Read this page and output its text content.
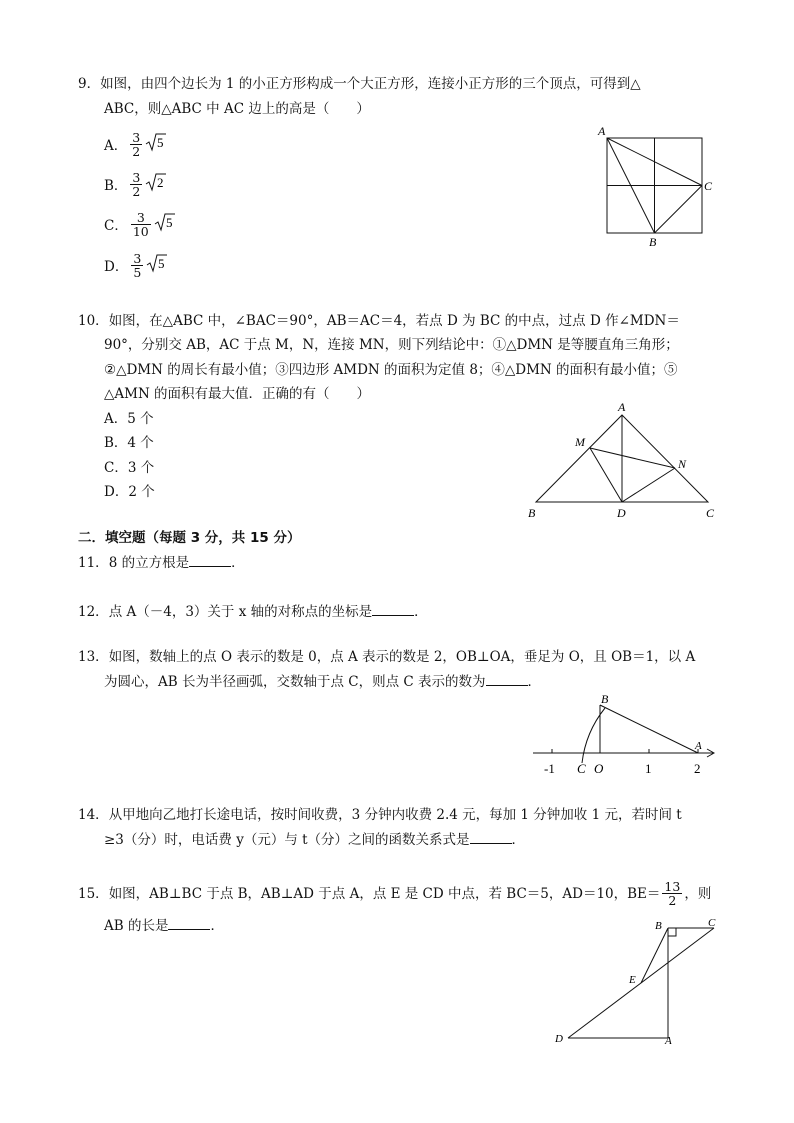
9．如图，由四个边长为 1 的小正方形构成一个大正方形，连接小正方形的三个顶点，可得到△
ABC，则△ABC 中 AC 边上的高是（　　）
A． $\frac{3}{2} 5$
B． $\frac{3}{2} 2$
C． $\frac{3}{10} 5$
D． $\frac{3}{5} 5$
A
C
B
10．如图，在△ABC 中，∠BAC＝90°，AB＝AC＝4，若点 D 为 BC 的中点，过点 D 作∠MDN＝
90°，分别交 AB，AC 于点 M，N，连接 MN，则下列结论中：①△DMN 是等腰直角三角形；
②△DMN 的周长有最小值；③四边形 AMDN 的面积为定值 8；④△DMN 的面积有最小值；⑤
△AMN 的面积有最大值．正确的有（　　）
A．5 个
B．4 个
C．3 个
D．2 个
A
M
N
B	D	C
二．填空题（每题 3 分，共 15 分）
11．8 的立方根是	．
12．点 A（－4，3）关于 x 轴的对称点的坐标是	．
13．如图，数轴上的点 O 表示的数是 0，点 A 表示的数是 2，OB⊥OA，垂足为 O，且 OB＝1，以 A
为圆心，AB 长为半径画弧，交数轴于点 C，则点 C 表示的数为	．
B
A
-1 C O	1	2
14．从甲地向乙地打长途电话，按时间收费，3 分钟内收费 2.4 元，每加 1 分钟加收 1 元，若时间 t
≥3（分）时，电话费 y（元）与 t（分）之间的函数关系式是	．
15． 如图，AB⊥BC 于点 B，AB⊥AD 于点 A，点 E 是 CD 中点，若 BC＝5，AD＝10，$BE= \frac{13}{2}$ ，则
AB 的长是	．	B	C
E
D	A
